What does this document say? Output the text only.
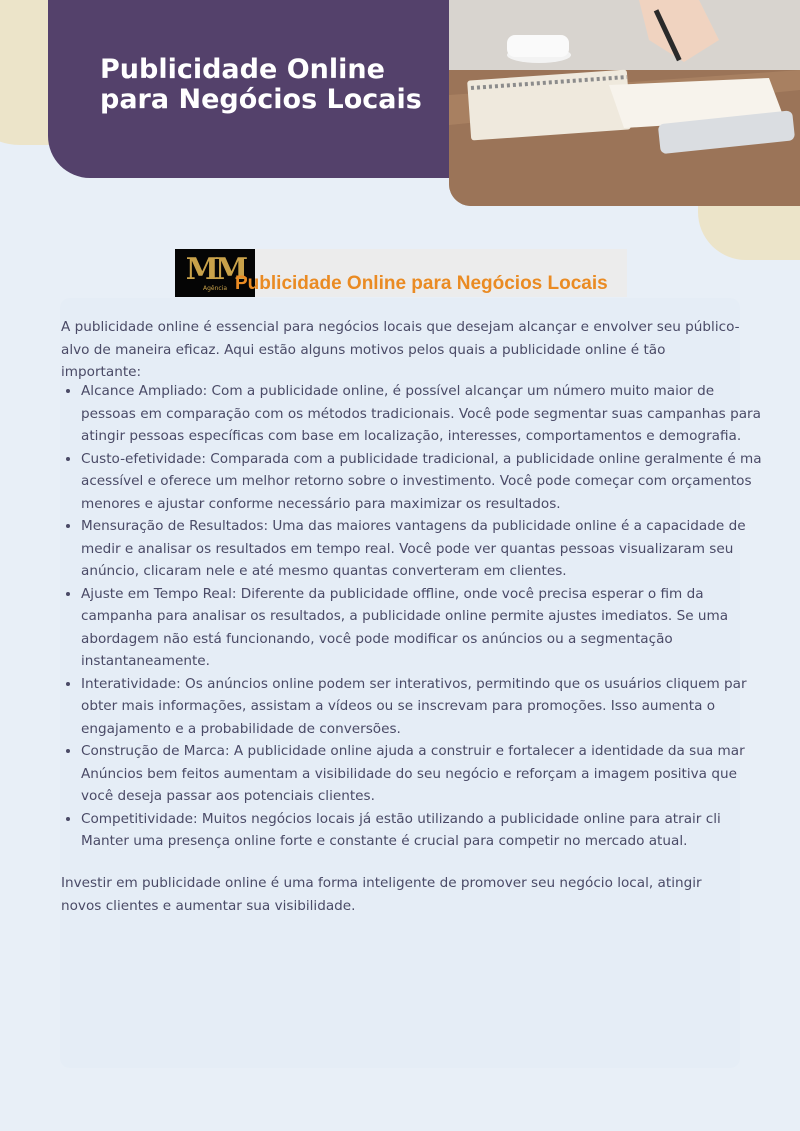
Publicidade Online para Negócios Locais
MM
Agência Publicidade Online para Negócios Locais

A publicidade online é essencial para negócios locais que desejam alcançar e envolver seu público-alvo de maneira eficaz. Aqui estão alguns motivos pelos quais a publicidade online é tão importante:

• Alcance Ampliado: Com a publicidade online, é possível alcançar um número muito maior de pessoas em comparação com os métodos tradicionais. Você pode segmentar suas campanhas para atingir pessoas específicas com base em localização, interesses, comportamentos e demografia.
• Custo-efetividade: Comparada com a publicidade tradicional, a publicidade online geralmente é ma acessível e oferece um melhor retorno sobre o investimento. Você pode começar com orçamentos menores e ajustar conforme necessário para maximizar os resultados.
• Mensuração de Resultados: Uma das maiores vantagens da publicidade online é a capacidade de medir e analisar os resultados em tempo real. Você pode ver quantas pessoas visualizaram seu anúncio, clicaram nele e até mesmo quantas converteram em clientes.
• Ajuste em Tempo Real: Diferente da publicidade offline, onde você precisa esperar o fim da campanha para analisar os resultados, a publicidade online permite ajustes imediatos. Se uma abordagem não está funcionando, você pode modificar os anúncios ou a segmentação instantaneamente.
• Interatividade: Os anúncios online podem ser interativos, permitindo que os usuários cliquem par obter mais informações, assistam a vídeos ou se inscrevam para promoções. Isso aumenta o engajamento e a probabilidade de conversões.
• Construção de Marca: A publicidade online ajuda a construir e fortalecer a identidade da sua mar Anúncios bem feitos aumentam a visibilidade do seu negócio e reforçam a imagem positiva que você deseja passar aos potenciais clientes.
• Competitividade: Muitos negócios locais já estão utilizando a publicidade online para atrair cli Manter uma presença online forte e constante é crucial para competir no mercado atual.

Investir em publicidade online é uma forma inteligente de promover seu negócio local, atingir novos clientes e aumentar sua visibilidade.
